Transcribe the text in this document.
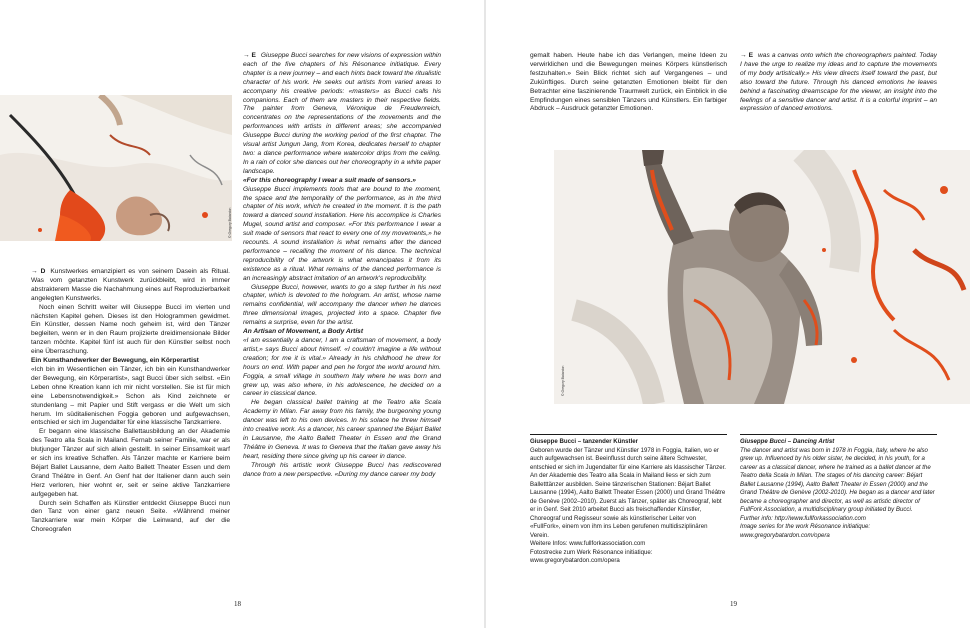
© Gregory Batardon

→ D Kunstwerkes emanzipiert es von seinem Dasein als Ritual. Was vom getanzten Kunstwerk zurückbleibt, wird in immer abstrakterem Masse die Nachahmung eines auf Reproduzierbarkeit angelegten Kunstwerks.

Noch einen Schritt weiter will Giuseppe Bucci im vierten und nächsten Kapitel gehen. Dieses ist den Hologrammen gewidmet. Ein Künstler, dessen Name noch geheim ist, wird den Tänzer begleiten, wenn er in den Raum projizierte dreidimensionale Bilder tanzen möchte. Kapitel fünf ist auch für den Künstler selbst noch eine Überraschung.

Ein Kunsthandwerker der Bewegung, ein Körperartist

«Ich bin im Wesentlichen ein Tänzer, ich bin ein Kunsthandwerker der Bewegung, ein Körperartist», sagt Bucci über sich selbst. «Ein Leben ohne Kreation kann ich mir nicht vorstellen. Sie ist für mich eine Lebensnotwendigkeit.» Schon als Kind zeichnete er stundenlang – mit Papier und Stift vergass er die Welt um sich herum. Im süditalienischen Foggia geboren und aufgewachsen, entschied er sich im Jugendalter für eine klassische Tanzkarriere.

Er begann eine klassische Ballettausbildung an der Akademie des Teatro alla Scala in Mailand. Fernab seiner Familie, war er als blutjunger Tänzer auf sich allein gestellt. In seiner Einsamkeit warf er sich ins kreative Schaffen. Als Tänzer machte er Karriere beim Béjart Ballet Lausanne, dem Aalto Ballett Theater Essen und dem Grand Théâtre in Genf. An Genf hat der Italiener dann auch sein Herz verloren, hier wohnt er, seit er seine aktive Tanzkarriere aufgegeben hat.

Durch sein Schaffen als Künstler entdeckt Giuseppe Bucci nun den Tanz von einer ganz neuen Seite. «Während meiner Tanzkarriere war mein Körper die Leinwand, auf der die Choreografen

→ E Giuseppe Bucci searches for new visions of expression within each of the five chapters of his Résonance initiatique. Every chapter is a new journey – and each hints back toward the ritualistic character of his work. He seeks out artists from varied areas to accompany his creative periods: «masters» as Bucci calls his companions. Each of them are masters in their respective fields. The painter from Geneva, Véronique de Freudenreich, concentrates on the representations of the movements and the performances with artists in different areas; she accompanied Giuseppe Bucci during the working period of the first chapter. The visual artist Jungun Jang, from Korea, dedicates herself to chapter two: a dance performance where watercolor drips from the ceiling. In a rain of color she dances out her choreography in a white paper landscape.

«For this choreography I wear a suit made of sensors.»

Giuseppe Bucci implements tools that are bound to the moment, the space and the temporality of the performance, as in the third chapter of his work, which he created in the moment. It is the path toward a danced sound installation. Here his accomplice is Charles Mugel, sound artist and composer. «For this performance I wear a suit made of sensors that react to every one of my movements,» he recounts. A sound installation is what remains after the danced performance – recalling the moment of his dance. The technical reproducibility of the artwork is what emancipates it from its existence as a ritual. What remains of the danced performance is an increasingly abstract imitation of an artwork's reproducibility.

Giuseppe Bucci, however, wants to go a step further in his next chapter, which is devoted to the hologram. An artist, whose name remains confidential, will accompany the dancer when he dances three dimensional images, projected into a space. Chapter five remains a surprise, even for the artist.

An Artisan of Movement, a Body Artist

«I am essentially a dancer, I am a craftsman of movement, a body artist,» says Bucci about himself. «I couldn't imagine a life without creation; for me it is vital.» Already in his childhood he drew for hours on end. With paper and pen he forgot the world around him. Foggia, a small village in southern Italy where he was born and grew up, was also where, in his adolescence, he decided on a career in classical dance.

He began classical ballet training at the Teatro alla Scala Academy in Milan. Far away from his family, the burgeoning young dancer was left to his own devices. In his solace he threw himself into creative work. As a dancer, his career spanned the Béjart Ballet in Lausanne, the Aalto Ballett Theater in Essen and the Grand Théâtre in Geneva. It was to Geneva that the Italian gave away his heart, residing there since giving up his career in dance.

Through his artistic work Giuseppe Bucci has rediscovered dance from a new perspective. «During my dance career my body

18
gemalt haben. Heute habe ich das Verlangen, meine Ideen zu verwirklichen und die Bewegungen meines Körpers künstlerisch festzuhalten.» Sein Blick richtet sich auf Vergangenes – und Zukünftiges. Durch seine getanzten Emotionen bleibt für den Betrachter eine faszinierende Traumwelt zurück, ein Einblick in die Empfindungen eines sensiblen Tänzers und Künstlers. Ein farbiger Abdruck – Ausdruck getanzter Emotionen.

→ E was a canvas onto which the choreographers painted. Today I have the urge to realize my ideas and to capture the movements of my body artistically.» His view directs itself toward the past, but also toward the future. Through his danced emotions he leaves behind a fascinating dreamscape for the viewer, an insight into the feelings of a sensitive dancer and artist. It is a colorful imprint – an expression of danced emotions.

© Gregory Batardon
Giuseppe Bucci – tanzender Künstler
Geboren wurde der Tänzer und Künstler 1978 in Foggia, Italien, wo er auch aufgewachsen ist. Beeinflusst durch seine ältere Schwester, entschied er sich im Jugendalter für eine Karriere als klassischer Tänzer. An der Akademie des Teatro alla Scala in Mailand liess er sich zum Balletttänzer ausbilden. Seine tänzerischen Stationen: Béjart Ballet Lausanne (1994), Aalto Ballett Theater Essen (2000) und Grand Théâtre de Genève (2002–2010). Zuerst als Tänzer, später als Choreograf, lebt er in Genf. Seit 2010 arbeitet Bucci als freischaffender Künstler, Choreograf und Regisseur sowie als künstlerischer Leiter von «FullFork», einem von ihm ins Leben gerufenen multidisziplinären Verein.
Weitere Infos: www.fullforkassociation.com
Fotostrecke zum Werk Résonance initiatique:
www.gregorybatardon.com/opera
Giuseppe Bucci – Dancing Artist
The dancer and artist was born in 1978 in Foggia, Italy, where he also grew up. Influenced by his older sister, he decided, in his youth, for a career as a classical dancer, where he trained as a ballet dancer at the Teatro della Scala in Milan. The stages of his dancing career: Béjart Ballet Lausanne (1994), Aalto Ballett Theater in Essen (2000) and the Grand Théâtre de Genève (2002-2010). He began as a dancer and later became a choreographer and director, as well as artistic director of FullFork Association, a multidisciplinary group initiated by Bucci.
Further info: http://www.fullforkassociation.com
Image series for the work Résonance initiatique:
www.gregorybatardon.com/opera
19
